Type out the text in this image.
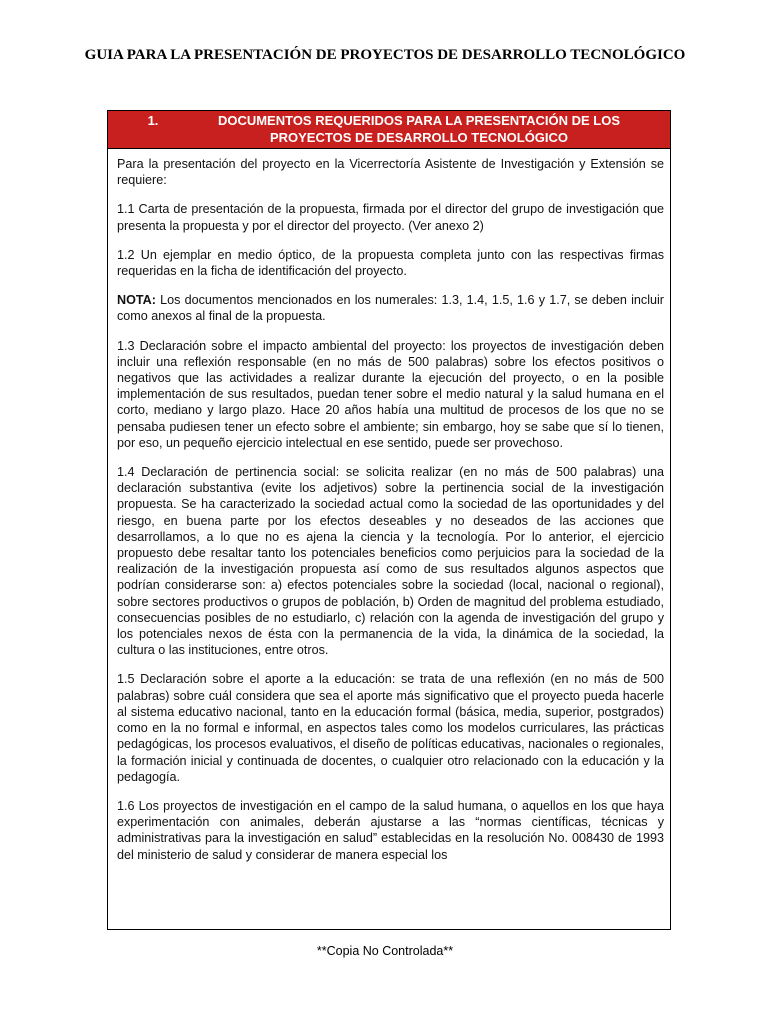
GUIA PARA LA PRESENTACIÓN DE PROYECTOS DE DESARROLLO TECNOLÓGICO
1.	DOCUMENTOS REQUERIDOS PARA LA PRESENTACIÓN DE LOS PROYECTOS DE DESARROLLO TECNOLÓGICO

Para la presentación del proyecto en la Vicerrectoría Asistente de Investigación y Extensión se requiere:

1.1 Carta de presentación de la propuesta, firmada por el director del grupo de investigación que presenta la propuesta y por el director del proyecto. (Ver anexo 2)

1.2 Un ejemplar en medio óptico, de la propuesta completa junto con las respectivas firmas requeridas en la ficha de identificación del proyecto.

NOTA: Los documentos mencionados en los numerales: 1.3, 1.4, 1.5, 1.6 y 1.7, se deben incluir como anexos al final de la propuesta.

1.3 Declaración sobre el impacto ambiental del proyecto: los proyectos de investigación deben incluir una reflexión responsable (en no más de 500 palabras) sobre los efectos positivos o negativos que las actividades a realizar durante la ejecución del proyecto, o en la posible implementación de sus resultados, puedan tener sobre el medio natural y la salud humana en el corto, mediano y largo plazo. Hace 20 años había una multitud de procesos de los que no se pensaba pudiesen tener un efecto sobre el ambiente; sin embargo, hoy se sabe que sí lo tienen, por eso, un pequeño ejercicio intelectual en ese sentido, puede ser provechoso.

1.4 Declaración de pertinencia social: se solicita realizar (en no más de 500 palabras) una declaración substantiva (evite los adjetivos) sobre la pertinencia social de la investigación propuesta. Se ha caracterizado la sociedad actual como la sociedad de las oportunidades y del riesgo, en buena parte por los efectos deseables y no deseados de las acciones que desarrollamos, a lo que no es ajena la ciencia y la tecnología. Por lo anterior, el ejercicio propuesto debe resaltar tanto los potenciales beneficios como perjuicios para la sociedad de la realización de la investigación propuesta así como de sus resultados algunos aspectos que podrían considerarse son: a) efectos potenciales sobre la sociedad (local, nacional o regional), sobre sectores productivos o grupos de población, b) Orden de magnitud del problema estudiado, consecuencias posibles de no estudiarlo, c) relación con la agenda de investigación del grupo y los potenciales nexos de ésta con la permanencia de la vida, la dinámica de la sociedad, la cultura o las instituciones, entre otros.

1.5 Declaración sobre el aporte a la educación: se trata de una reflexión (en no más de 500 palabras) sobre cuál considera que sea el aporte más significativo que el proyecto pueda hacerle al sistema educativo nacional, tanto en la educación formal (básica, media, superior, postgrados) como en la no formal e informal, en aspectos tales como los modelos curriculares, las prácticas pedagógicas, los procesos evaluativos, el diseño de políticas educativas, nacionales o regionales, la formación inicial y continuada de docentes, o cualquier otro relacionado con la educación y la pedagogía.

1.6 Los proyectos de investigación en el campo de la salud humana, o aquellos en los que haya experimentación con animales, deberán ajustarse a las “normas científicas, técnicas y administrativas para la investigación en salud” establecidas en la resolución No. 008430 de 1993 del ministerio de salud y considerar de manera especial los

**Copia No Controlada**
